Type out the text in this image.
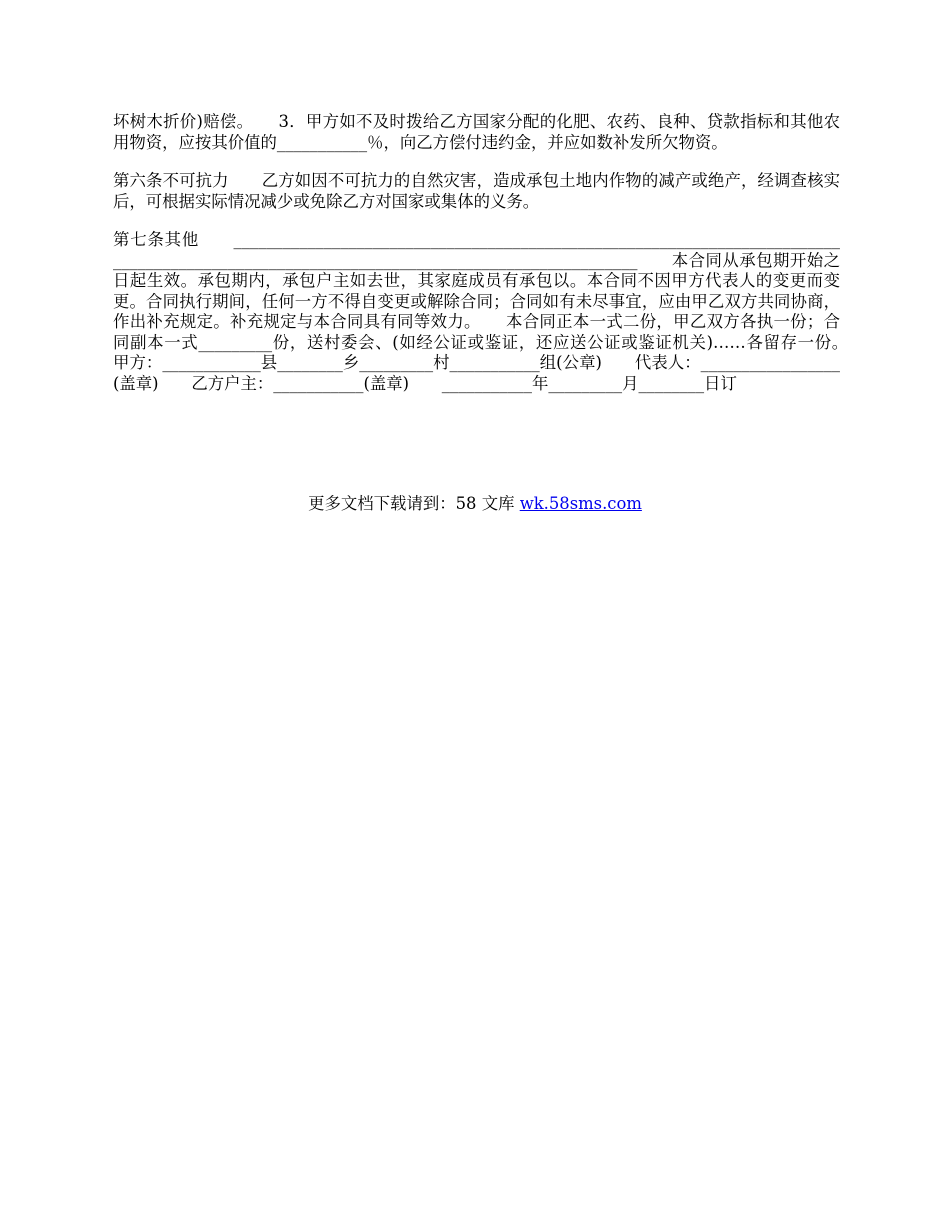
坏树木折价)赔偿。　　3．甲方如不及时拨给乙方国家分配的化肥、农药、良种、贷款指标和其他农用物资，应按其价值的___________％，向乙方偿付违约金，并应如数补发所欠物资。

第六条不可抗力　　乙方如因不可抗力的自然灾害，造成承包土地内作物的减产或绝产，经调查核实后，可根据实际情况减少或免除乙方对国家或集体的义务。

第七条其他　　__________________________________________________________________________________________________________________________________________　　本合同从承包期开始之日起生效。承包期内，承包户主如去世，其家庭成员有承包以。本合同不因甲方代表人的变更而变更。合同执行期间，任何一方不得自变更或解除合同；合同如有未尽事宜，应由甲乙双方共同协商，作出补充规定。补充规定与本合同具有同等效力。　　本合同正本一式二份，甲乙双方各执一份；合同副本一式_________份，送村委会、(如经公证或鉴证，还应送公证或鉴证机关)……各留存一份。　　甲方：____________县________乡_________村___________组(公章)　　代表人：_________________(盖章)　　乙方户主：___________(盖章)　　___________年_________月________日订

更多文档下载请到：58 文库 wk.58sms.com
